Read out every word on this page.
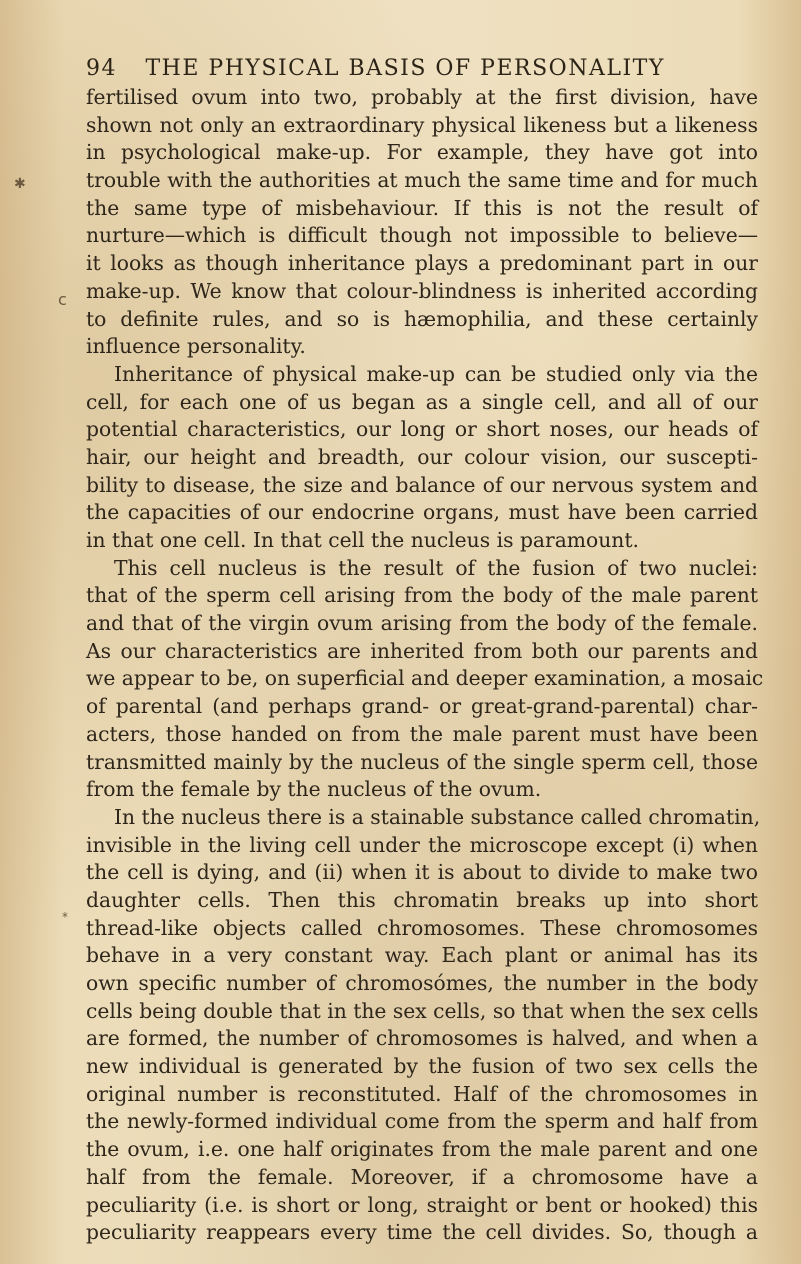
94 THE PHYSICAL BASIS OF PERSONALITY
fertilised ovum into two, probably at the first division, have
shown not only an extraordinary physical likeness but a likeness
in psychological make-up. For example, they have got into
trouble with the authorities at much the same time and for much
the same type of misbehaviour. If this is not the result of
nurture—which is difficult though not impossible to believe—
it looks as though inheritance plays a predominant part in our
make-up. We know that colour-blindness is inherited according
to definite rules, and so is hæmophilia, and these certainly
influence personality.
Inheritance of physical make-up can be studied only via the
cell, for each one of us began as a single cell, and all of our
potential characteristics, our long or short noses, our heads of
hair, our height and breadth, our colour vision, our suscepti-
bility to disease, the size and balance of our nervous system and
the capacities of our endocrine organs, must have been carried
in that one cell. In that cell the nucleus is paramount.
This cell nucleus is the result of the fusion of two nuclei:
that of the sperm cell arising from the body of the male parent
and that of the virgin ovum arising from the body of the female.
As our characteristics are inherited from both our parents and
we appear to be, on superficial and deeper examination, a mosaic
of parental (and perhaps grand- or great-grand-parental) char-
acters, those handed on from the male parent must have been
transmitted mainly by the nucleus of the single sperm cell, those
from the female by the nucleus of the ovum.
In the nucleus there is a stainable substance called chromatin,
invisible in the living cell under the microscope except (i) when
the cell is dying, and (ii) when it is about to divide to make two
daughter cells. Then this chromatin breaks up into short
thread-like objects called chromosomes. These chromosomes
behave in a very constant way. Each plant or animal has its
own specific number of chromosómes, the number in the body
cells being double that in the sex cells, so that when the sex cells
are formed, the number of chromosomes is halved, and when a
new individual is generated by the fusion of two sex cells the
original number is reconstituted. Half of the chromosomes in
the newly-formed individual come from the sperm and half from
the ovum, i.e. one half originates from the male parent and one
half from the female. Moreover, if a chromosome have a
peculiarity (i.e. is short or long, straight or bent or hooked) this
peculiarity reappears every time the cell divides. So, though a
✱
c
*
